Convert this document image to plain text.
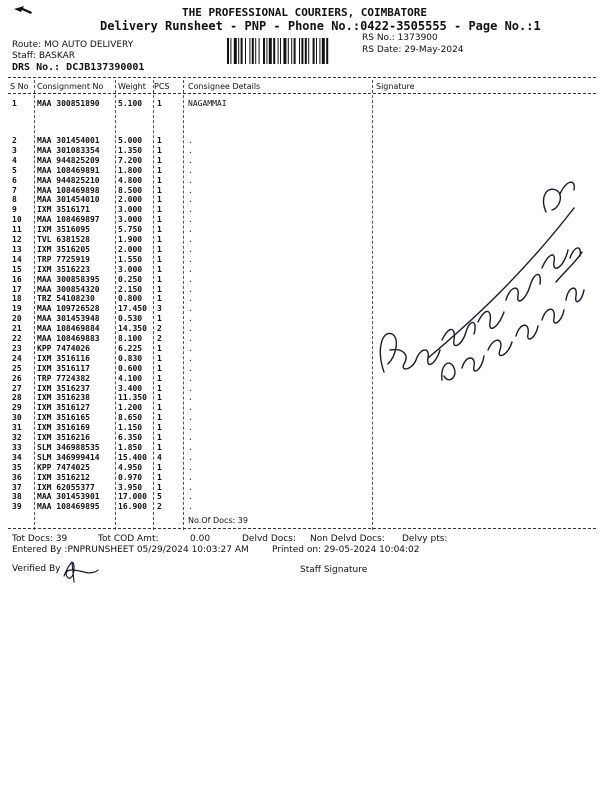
THE PROFESSIONAL COURIERS, COIMBATORE
Delivery Runsheet - PNP - Phone No.:0422-3505555 - Page No.:1
Route: MO AUTO DELIVERY
Staff: BASKAR
DRS No.: DCJB137390001
RS No.: 1373900
RS Date: 29-May-2024
S No Consignment No Weight PCS Consignee Details	Signature
1	MAA 300851890 5.100 1	NAGAMMAI
2	MAA 301454001 5.000 1	.
3	MAA 301083354 1.350 1	.
4	MAA 944825209 7.200 1	.
5	MAA 108469891 1.800 1	.
6	MAA 944825210 4.800 1	.
7	MAA 108469898 8.500 1	.
8	MAA 301454010 2.000 1	.
9	IXM 3516171	3.000 1	.
10 MAA 108469897 3.000 1	.
11 IXM 3516095	5.750 1	.
12 TVL 6381528	1.900 1	.
13 IXM 3516205	2.000 1	.
14 TRP 7725919	1.550 1	.
15 IXM 3516223	3.000 1	.
16 MAA 300858395 0.250 1	.
17 MAA 300854320 2.150 1	.
18 TRZ 54108230	0.800 1	.
19 MAA 109726528 17.450 3	.
20 MAA 301453948 0.530 1	.
21 MAA 108469884 14.350 2	.
22 MAA 108469883 8.100 2	.
23 KPP 7474026	6.225 1	.
24 IXM 3516116	0.830 1	.
25 IXM 3516117	0.600 1	.
26 TRP 7724382	4.100 1	.
27 IXM 3516237	3.400 1	.
28 IXM 3516238	11.350 1	.
29 IXM 3516127	1.200 1	.
30 IXM 3516165	8.650 1	.
31 IXM 3516169	1.150 1	.
32 IXM 3516216	6.350 1	.
33 SLM 346988535 1.850 1	.
34 SLM 346999414 15.400 4	.
35 KPP 7474025	4.950 1	.
36 IXM 3516212	0.970 1	.
37 IXM 62055377	3.950 1	.
38 MAA 301453901 17.000 5	.
39 MAA 108469895 16.900 2	.
No.Of Docs: 39
Tot Docs: 39	Tot COD Amt:	0.00	Delvd Docs: Non Delvd Docs: Delvy pts:
Entered By :PNPRUNSHEET 05/29/2024 10:03:27 AM	Printed on: 29-05-2024 10:04:02
Verified By	Staff Signature
